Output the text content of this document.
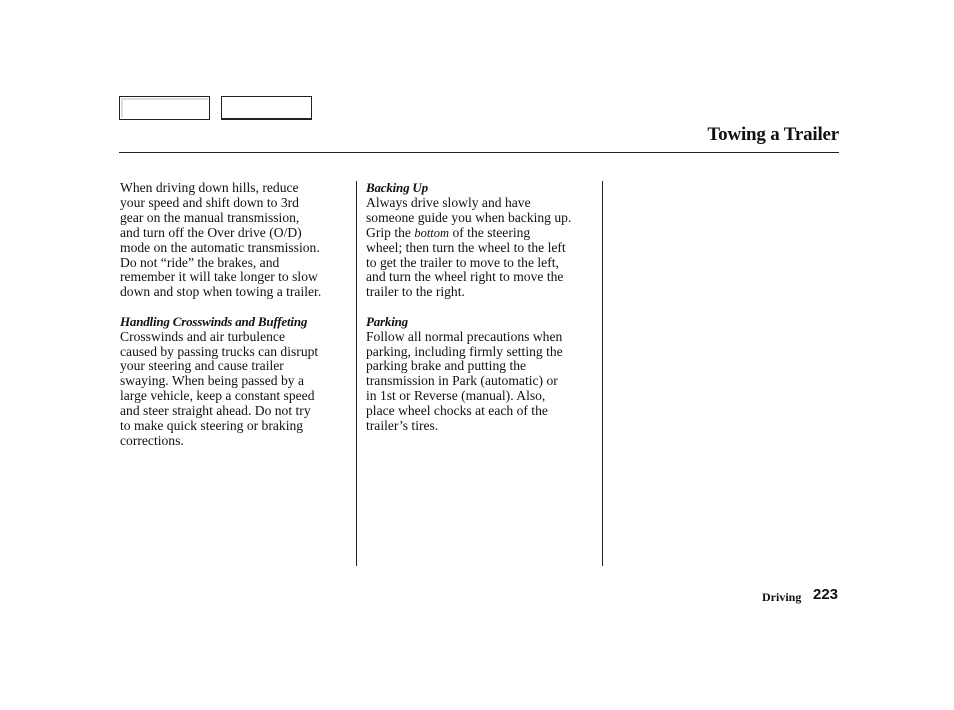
Towing a Trailer
When driving down hills, reduce
your speed and shift down to 3rd
gear on the manual transmission,
and turn off the Over drive (O/D)
mode on the automatic transmission.
Do not “ride” the brakes, and
remember it will take longer to slow
down and stop when towing a trailer.
Handling Crosswinds and Buffeting
Crosswinds and air turbulence
caused by passing trucks can disrupt
your steering and cause trailer
swaying. When being passed by a
large vehicle, keep a constant speed
and steer straight ahead. Do not try
to make quick steering or braking
corrections.
Backing Up
Always drive slowly and have
someone guide you when backing up.
Grip the bottom of the steering
wheel; then turn the wheel to the left
to get the trailer to move to the left,
and turn the wheel right to move the
trailer to the right.
Parking
Follow all normal precautions when
parking, including firmly setting the
parking brake and putting the
transmission in Park (automatic) or
in 1st or Reverse (manual). Also,
place wheel chocks at each of the
trailer’s tires.
Driving 223
